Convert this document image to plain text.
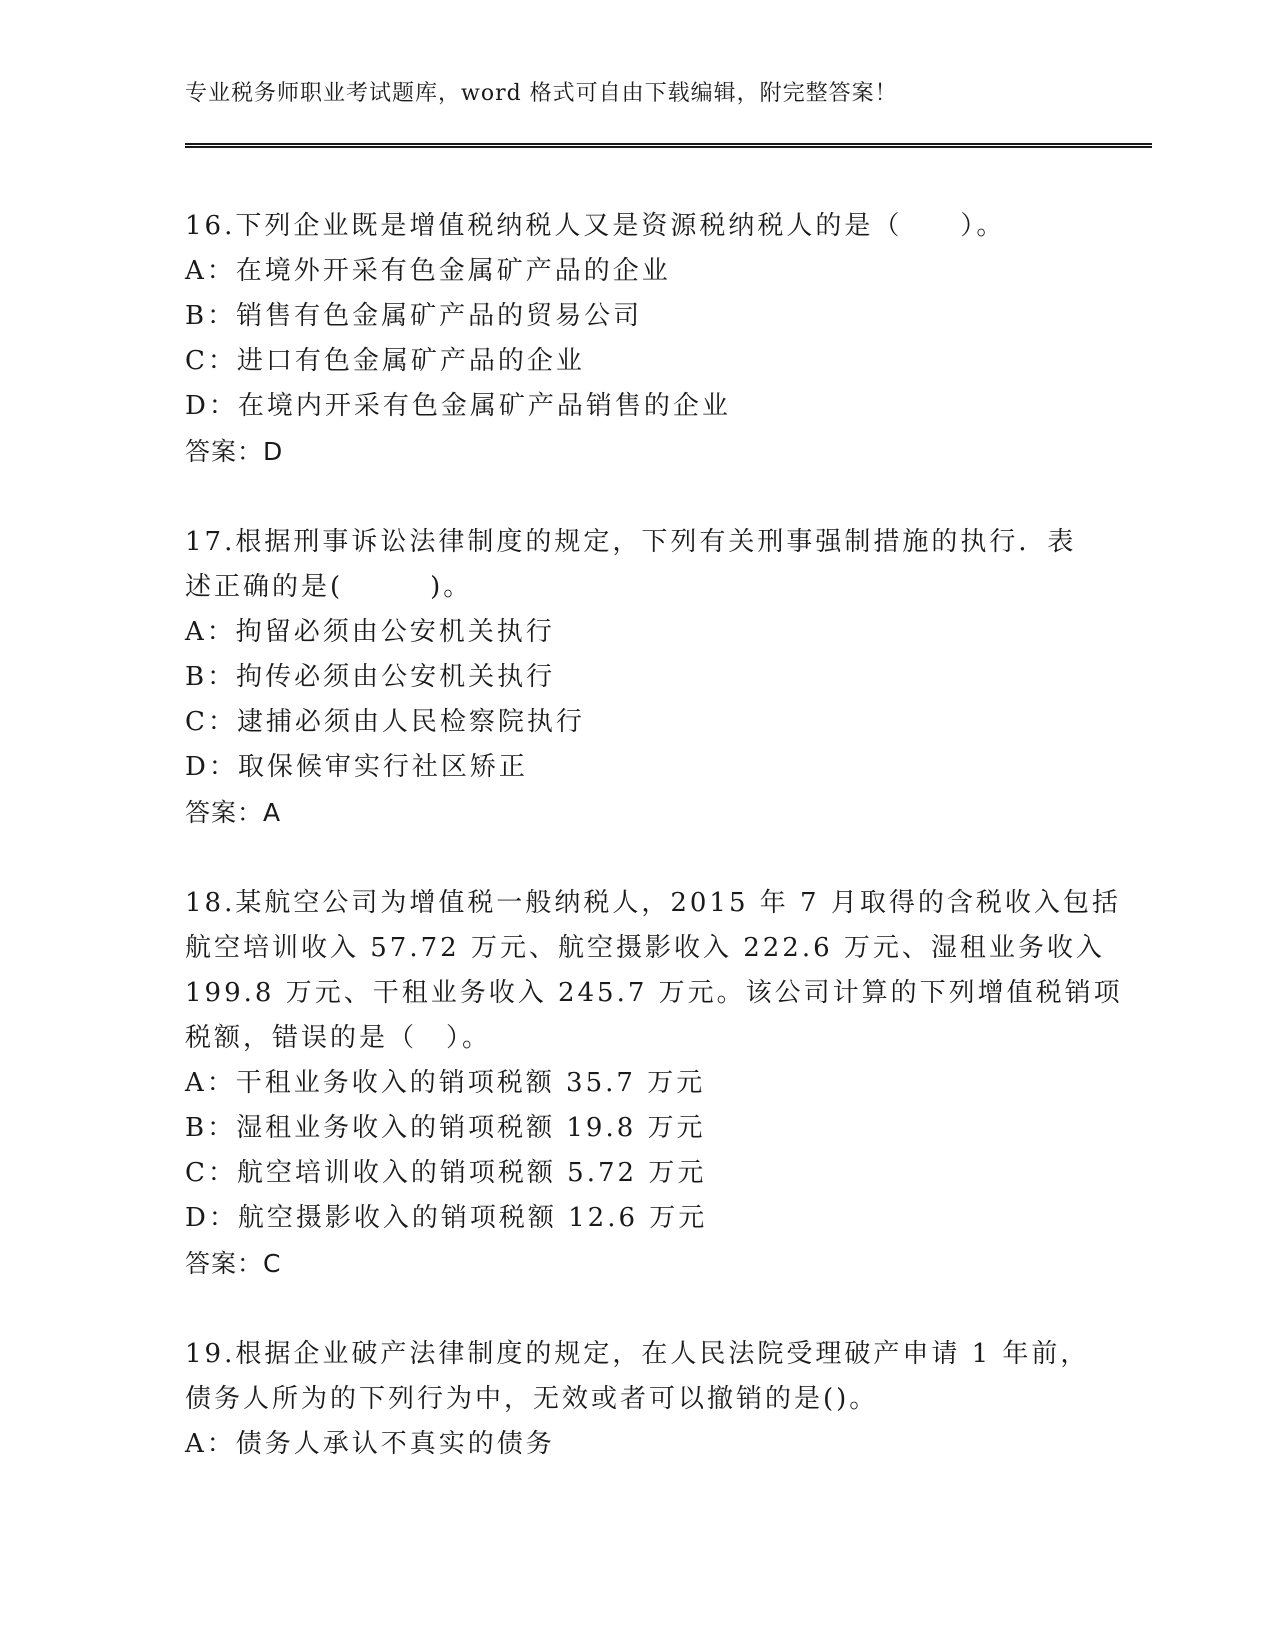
专业税务师职业考试题库，word 格式可自由下载编辑，附完整答案！
16.下列企业既是增值税纳税人又是资源税纳税人的是（　　）。
A：在境外开采有色金属矿产品的企业
B：销售有色金属矿产品的贸易公司
C：进口有色金属矿产品的企业
D：在境内开采有色金属矿产品销售的企业
答案：D
17.根据刑事诉讼法律制度的规定，下列有关刑事强制措施的执行．表
述正确的是(　　　)。
A：拘留必须由公安机关执行
B：拘传必须由公安机关执行
C：逮捕必须由人民检察院执行
D：取保候审实行社区矫正
答案：A
18.某航空公司为增值税一般纳税人，2015 年 7 月取得的含税收入包括
航空培训收入 57.72 万元、航空摄影收入 222.6 万元、湿租业务收入
199.8 万元、干租业务收入 245.7 万元。该公司计算的下列增值税销项
税额，错误的是（　）。
A：干租业务收入的销项税额 35.7 万元
B：湿租业务收入的销项税额 19.8 万元
C：航空培训收入的销项税额 5.72 万元
D：航空摄影收入的销项税额 12.6 万元
答案：C
19.根据企业破产法律制度的规定，在人民法院受理破产申请 1 年前，
债务人所为的下列行为中，无效或者可以撤销的是()。
A：债务人承认不真实的债务
